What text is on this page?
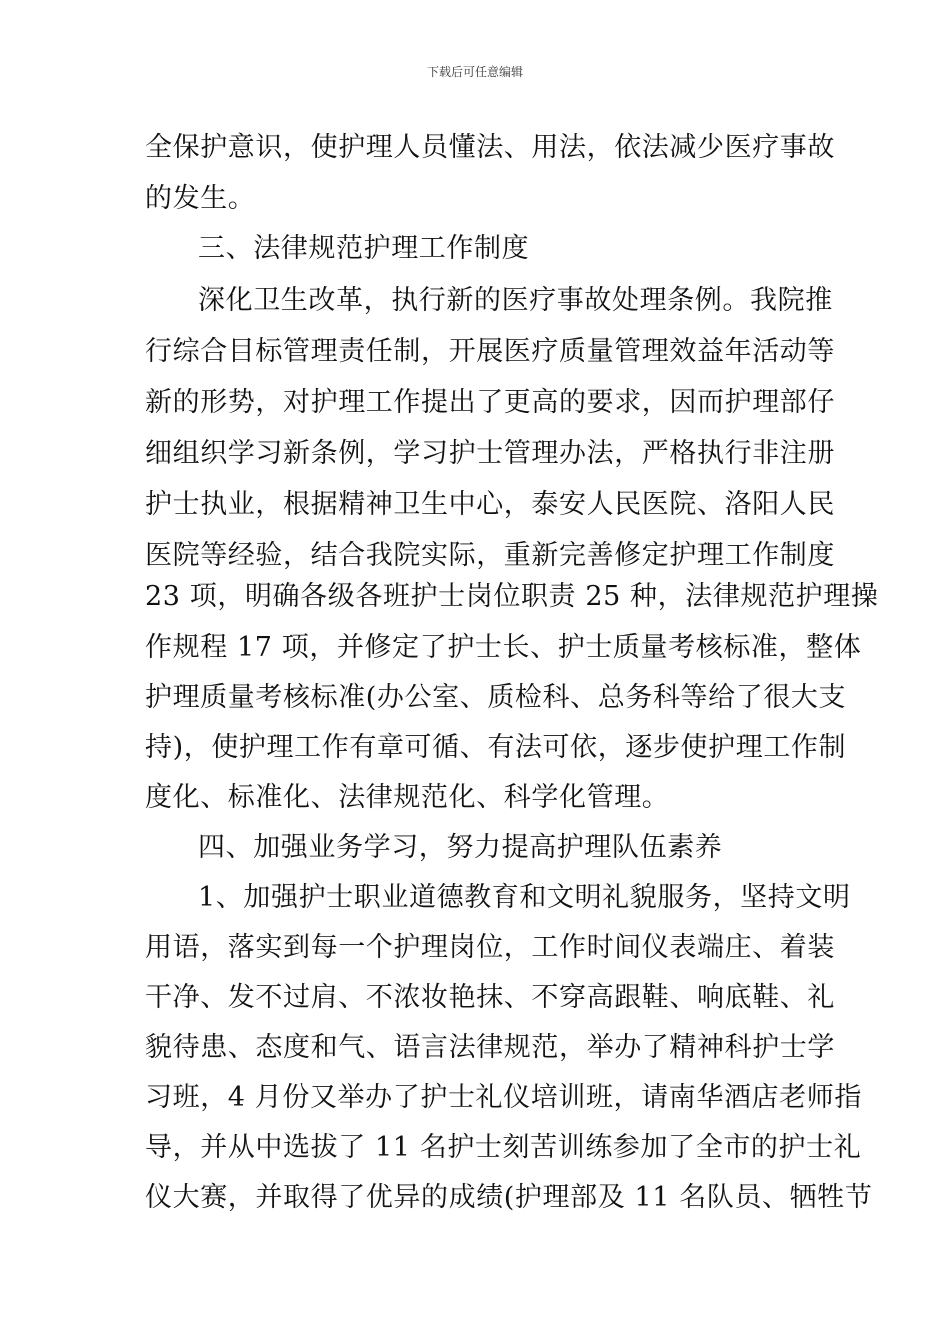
下载后可任意编辑
全保护意识，使护理人员懂法、用法，依法减少医疗事故
的发生。
三、法律规范护理工作制度
深化卫生改革，执行新的医疗事故处理条例。我院推
行综合目标管理责任制，开展医疗质量管理效益年活动等
新的形势，对护理工作提出了更高的要求，因而护理部仔
细组织学习新条例，学习护士管理办法，严格执行非注册
护士执业，根据精神卫生中心，泰安人民医院、洛阳人民
医院等经验，结合我院实际，重新完善修定护理工作制度
23 项，明确各级各班护士岗位职责 25 种，法律规范护理操
作规程 17 项，并修定了护士长、护士质量考核标准，整体
护理质量考核标准(办公室、质检科、总务科等给了很大支
持)，使护理工作有章可循、有法可依，逐步使护理工作制
度化、标准化、法律规范化、科学化管理。
四、加强业务学习，努力提高护理队伍素养
1、加强护士职业道德教育和文明礼貌服务，坚持文明
用语，落实到每一个护理岗位，工作时间仪表端庄、着装
干净、发不过肩、不浓妆艳抹、不穿高跟鞋、响底鞋、礼
貌待患、态度和气、语言法律规范，举办了精神科护士学
习班，4 月份又举办了护士礼仪培训班，请南华酒店老师指
导，并从中选拔了 11 名护士刻苦训练参加了全市的护士礼
仪大赛，并取得了优异的成绩(护理部及 11 名队员、牺牲节
